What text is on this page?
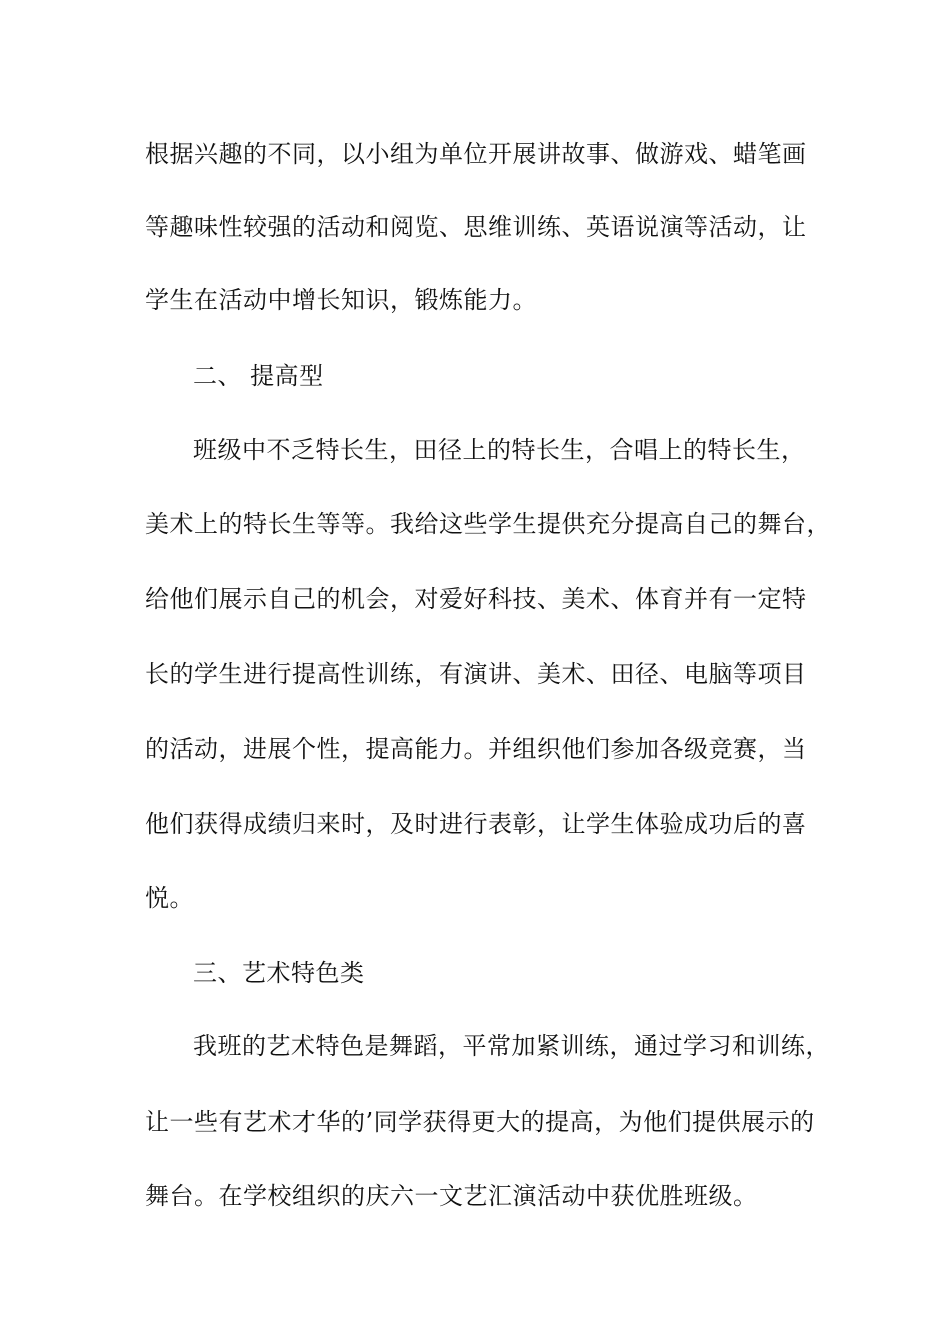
根据兴趣的不同，以小组为单位开展讲故事、做游戏、蜡笔画
等趣味性较强的活动和阅览、思维训练、英语说演等活动，让
学生在活动中增长知识，锻炼能力。
二、 提高型
班级中不乏特长生，田径上的特长生，合唱上的特长生，
美术上的特长生等等。我给这些学生提供充分提高自己的舞台，
给他们展示自己的机会，对爱好科技、美术、体育并有一定特
长的学生进行提高性训练，有演讲、美术、田径、电脑等项目
的活动，进展个性，提高能力。并组织他们参加各级竞赛，当
他们获得成绩归来时，及时进行表彰，让学生体验成功后的喜
悦。
三、艺术特色类
我班的艺术特色是舞蹈，平常加紧训练，通过学习和训练，
让一些有艺术才华的’同学获得更大的提高，为他们提供展示的
舞台。在学校组织的庆六一文艺汇演活动中获优胜班级。
